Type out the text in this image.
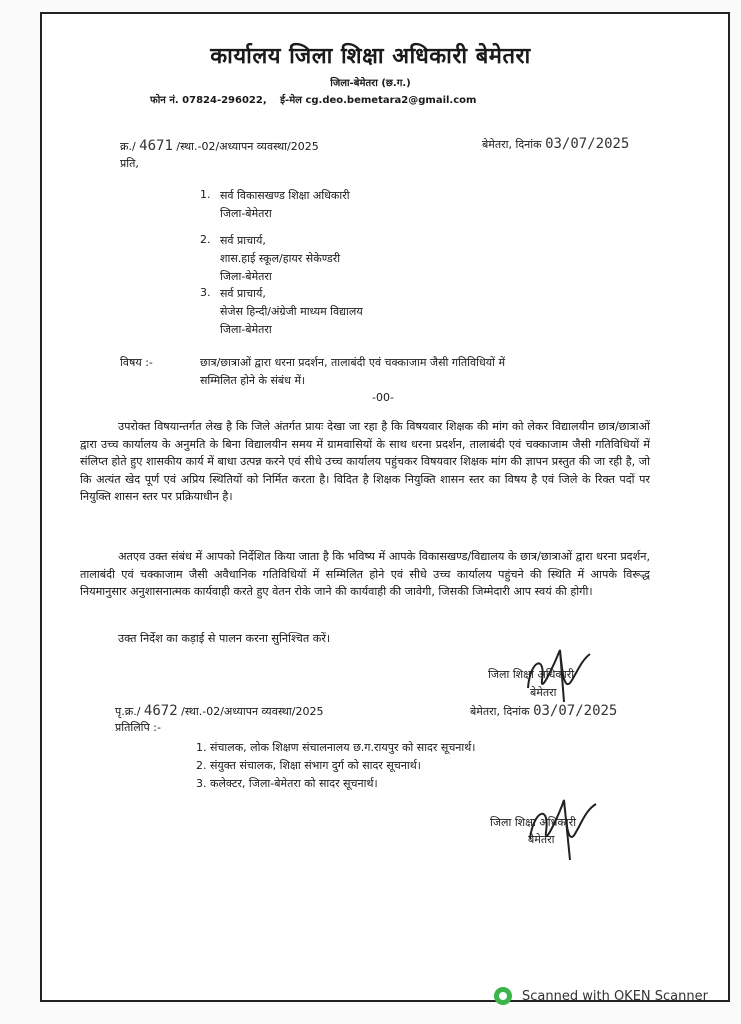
कार्यालय जिला शिक्षा अधिकारी बेमेतरा
जिला-बेमेतरा (छ.ग.)
फोन नं. 07824-296022, ई-मेल cg.deo.bemetara2@gmail.com
क्र./ 4671 /स्था.-02/अध्यापन व्यवस्था/2025	बेमेतरा, दिनांक 03/07/2025
प्रति,
1. सर्व विकासखण्ड शिक्षा अधिकारी
जिला-बेमेतरा
2. सर्व प्राचार्य,
शास.हाई स्कूल/हायर सेकेण्डरी
जिला-बेमेतरा
3. सर्व प्राचार्य,
सेजेस हिन्दी/अंग्रेजी माध्यम विद्यालय
जिला-बेमेतरा
विषय :-	छात्र/छात्राओं द्वारा धरना प्रदर्शन, तालाबंदी एवं चक्काजाम जैसी गतिविधियों में
सम्मिलित होने के संबंध में।
-00-
उपरोक्त विषयान्तर्गत लेख है कि जिले अंतर्गत प्रायः देखा जा रहा है कि विषयवार शिक्षक की मांग को लेकर विद्यालयीन छात्र/छात्राओं द्वारा उच्च कार्यालय के अनुमति के बिना विद्यालयीन समय में ग्रामवासियों के साथ धरना प्रदर्शन, तालाबंदी एवं चक्काजाम जैसी गतिविधियों में संलिप्त होते हुए शासकीय कार्य में बाधा उत्पन्न करने एवं सीधे उच्च कार्यालय पहुंचकर विषयवार शिक्षक मांग की ज्ञापन प्रस्तुत की जा रही है, जो कि अत्यंत खेद पूर्ण एवं अप्रिय स्थितियों को निर्मित करता है। विदित है शिक्षक नियुक्ति शासन स्तर का विषय है एवं जिले के रिक्त पदों पर नियुक्ति शासन स्तर पर प्रक्रियाधीन है।
अतएव उक्त संबंध में आपको निर्देशित किया जाता है कि भविष्य में आपके विकासखण्ड/विद्यालय के छात्र/छात्राओं द्वारा धरना प्रदर्शन, तालाबंदी एवं चक्काजाम जैसी अवैधानिक गतिविधियों में सम्मिलित होने एवं सीधे उच्च कार्यालय पहुंचने की स्थिति में आपके विरूद्ध नियमानुसार अनुशासनात्मक कार्यवाही करते हुए वेतन रोके जाने की कार्यवाही की जावेगी, जिसकी जिम्मेदारी आप स्वयं की होगी।
उक्त निर्देश का कड़ाई से पालन करना सुनिश्चित करें।
जिला शिक्षा अधिकारी
बेमेतरा
पृ.क्र./ 4672 /स्था.-02/अध्यापन व्यवस्था/2025	बेमेतरा, दिनांक 03/07/2025
प्रतिलिपि :-
1. संचालक, लोक शिक्षण संचालनालय छ.ग.रायपुर को सादर सूचनार्थ।
2. संयुक्त संचालक, शिक्षा संभाग दुर्ग को सादर सूचनार्थ।
3. कलेक्टर, जिला-बेमेतरा को सादर सूचनार्थ।
जिला शिक्षा अधिकारी
बेमेतरा
Scanned with OKEN Scanner
